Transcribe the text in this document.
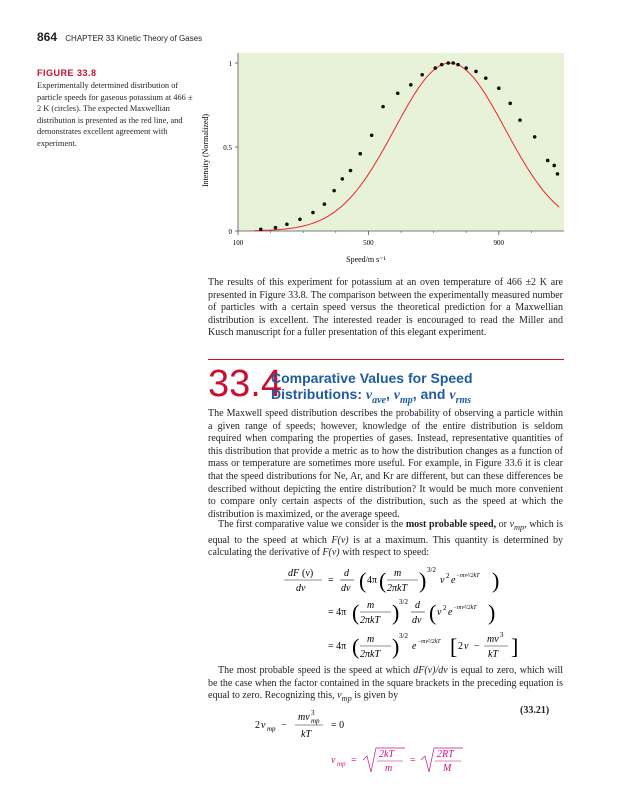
864 CHAPTER 33 Kinetic Theory of Gases
FIGURE 33.8
Experimentally determined distribution of particle speeds for gaseous potassium at 466 ± 2 K (circles). The expected Maxwellian distribution is presented as the red line, and demonstrates excellent agreement with experiment.
0
0.5
1
100	500	900
Intensity (Normalized)
Speed/m s⁻¹
The results of this experiment for potassium at an oven temperature of 466 ±2 K are presented in Figure 33.8. The comparison between the experimentally measured number of particles with a certain speed versus the theoretical prediction for a Maxwellian distribution is excellent. The interested reader is encouraged to read the Miller and Kusch manuscript for a fuller presentation of this elegant experiment.
33.4
Comparative Values for Speed
Distributions: $\nu_{ave}$, $\nu_{mp}$, and $\nu_{rms}$
The Maxwell speed distribution describes the probability of observing a particle within a given range of speeds; however, knowledge of the entire distribution is seldom required when comparing the properties of gases. Instead, representative quantities of this distribution that provide a metric as to how the distribution changes as a function of mass or temperature are sometimes more useful. For example, in Figure 33.6 it is clear that the speed distributions for Ne, Ar, and Kr are different, but can these differences be described without depicting the entire distribution? It would be much more convenient to compare only certain aspects of the distribution, such as the speed at which the distribution is maximized, or the average speed.
The first comparative value we consider is the most probable speed, or $\nu_{mp}$, which is equal to the speed at which F(ν) is at a maximum. This quantity is determined by calculating the derivative of F(ν) with respect to speed:
dF (ν)
dν
=
d
dν ( 4π ( m
2πkT ) 3/2
ν 2 e −mν²/2kT )
= 4π ( m
2πkT ) 3/2 d
dν ( ν 2 e −mν²/2kT )
= 4π ( m
2πkT ) 3/2
e −mν²/2kT [ 2 ν −
mν 3
kT ]
The most probable speed is the speed at which dF(ν)/dν is equal to zero, which will be the case when the factor contained in the square brackets in the preceding equation is equal to zero. Recognizing this, $\nu_{mp}$ is given by
2 ν mp −
mν 3
mp
kT
= 0
ν mp =
2kT
m
=
2RT
M
(33.21)
